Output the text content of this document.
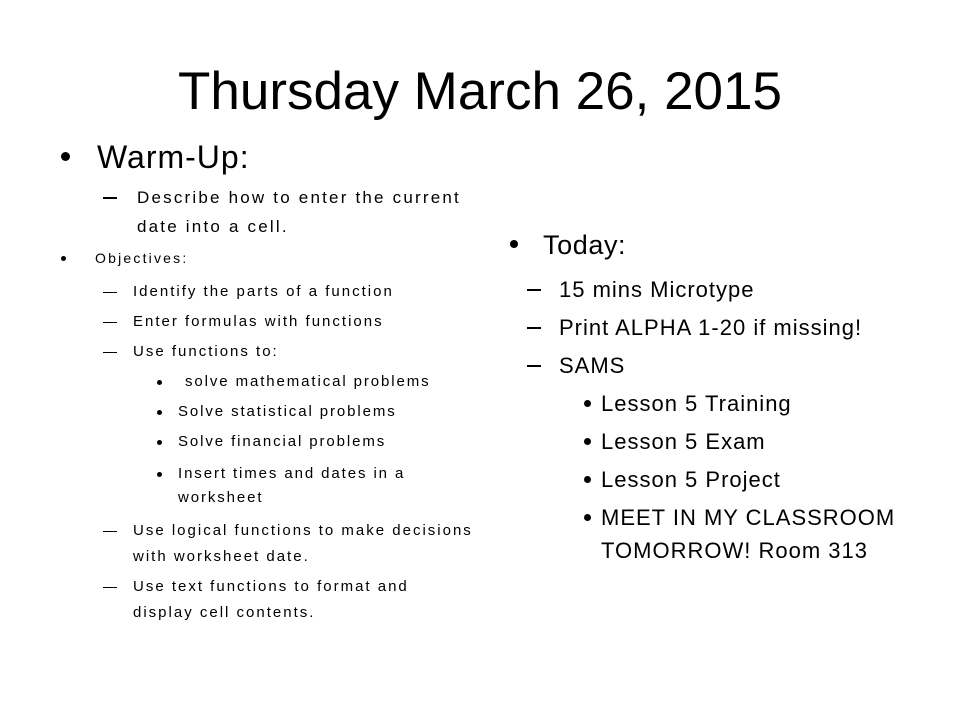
Thursday March 26, 2015
Warm-Up:
Describe how to enter the current
date into a cell.
Objectives:
Identify the parts of a function
Enter formulas with functions
Use functions to:
solve mathematical problems
Solve statistical problems
Solve financial problems
Insert times and dates in a
worksheet
Use logical functions to make decisions
with worksheet date.
Use text functions to format and
display cell contents.
Today:
15 mins Microtype
Print ALPHA 1-20 if missing!
SAMS
Lesson 5 Training
Lesson 5 Exam
Lesson 5 Project
MEET IN MY CLASSROOM
TOMORROW! Room 313
